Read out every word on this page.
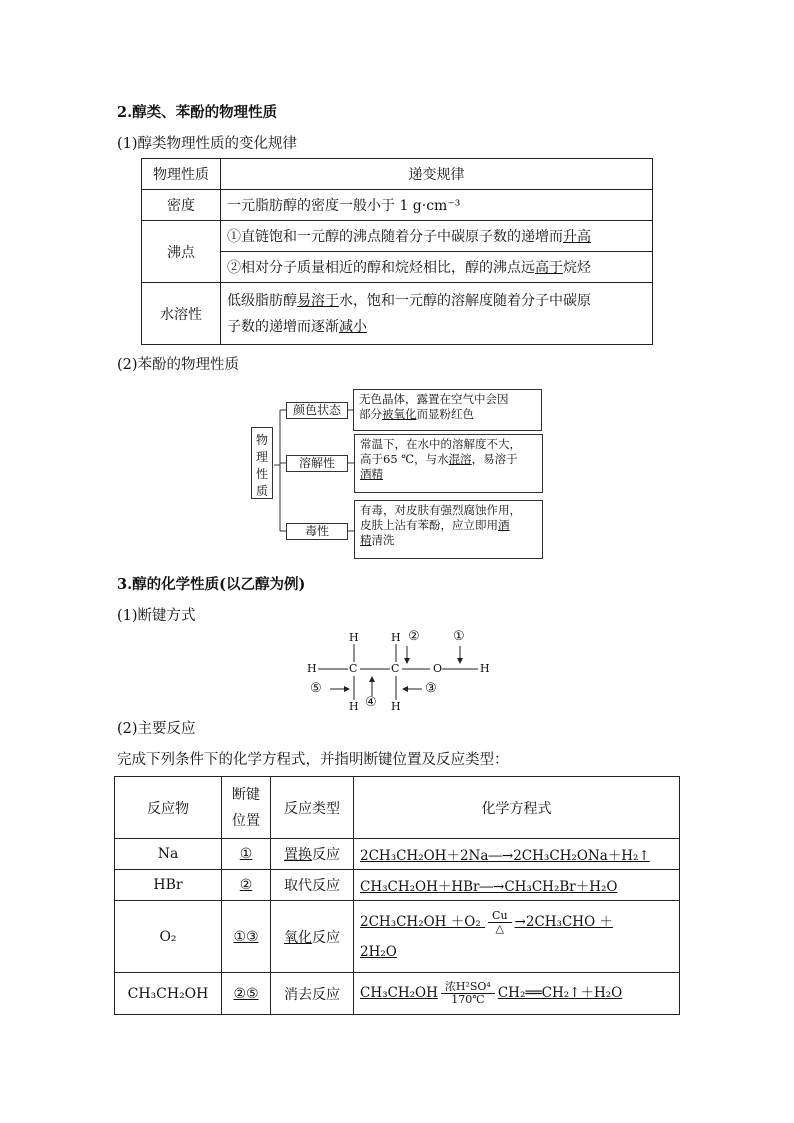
2.醇类、苯酚的物理性质
(1)醇类物理性质的变化规律
物理性质	递变规律
密度	一元脂肪醇的密度一般小于 1 g·cm⁻³
沸点	①直链饱和一元醇的沸点随着分子中碳原子数的递增而升高
	②相对分子质量相近的醇和烷烃相比，醇的沸点远高于烷烃
水溶性	低级脂肪醇易溶于水，饱和一元醇的溶解度随着分子中碳原
子数的递增而逐渐减小
(2)苯酚的物理性质
物理性质
颜色状态
无色晶体，露置在空气中会因
部分被氧化而显粉红色
溶解性
常温下，在水中的溶解度不大，
高于65 ℃，与水混溶，易溶于
酒精
毒性
有毒，对皮肤有强烈腐蚀作用，
皮肤上沾有苯酚，应立即用酒
精清洗
3.醇的化学性质(以乙醇为例)
(1)断键方式
H	H
H	C	C	O	H
H	H
②	①
③
④
⑤
(2)主要反应
完成下列条件下的化学方程式，并指明断键位置及反应类型：
反应物	断键
位置	反应类型	化学方程式
Na	①	置换反应	2CH₃CH₂OH＋2Na―→2CH₃CH₂ONa＋H₂↑
HBr	②	取代反应	CH₃CH₂OH＋HBr―→CH₃CH₂Br＋H₂O
O₂	①③	氧化反应	$2CH_3CH_2OH +O_2 \frac{Cu}{\triangle} \to 2CH_3CHO$ ＋
2H₂O
CH₃CH₂OH	②⑤	消去反应	$CH_3CH_2OH \frac{\text{浓H²SO⁴}}{170℃}$ CH₂══CH₂↑＋H₂O
